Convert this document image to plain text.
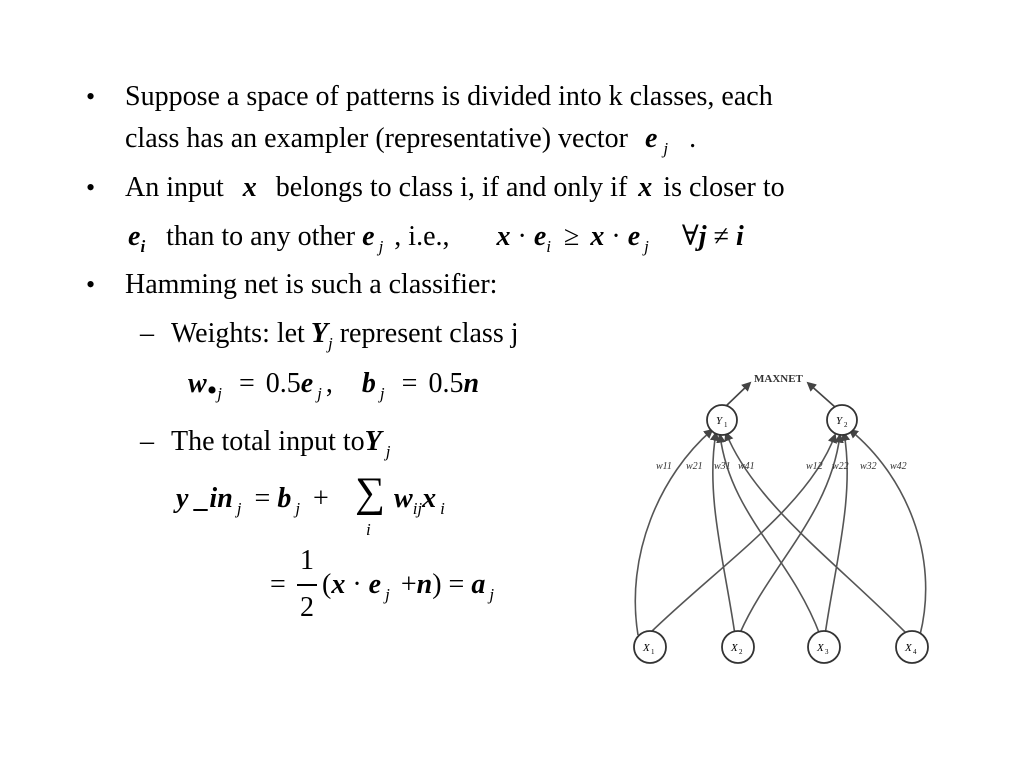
• Suppose a space of patterns is divided into k classes, each
class has an exampler (representative) vector e $_j$ .
• An input x belongs to class i, if and only if x is closer to
$e_i$ than to any other e $_j$ , i.e., $x \cdot e_i \ge x \cdot e$ $_j$ ∀j ≠ i
• Hamming net is such a classifier:
– Weights: let $Y_j$ represent class j
$w•_j = 0.5e$ $_j$ , b $_j$ = 0.5n
– The total input toY $_j$
y _in $_j$ = b $_j$ + ∑
i
$w_{ij}x$ $_i$
=
1
2
(x · e $_j$ +n) = a $_j$
MAXNET
Y 1	Y 2
w11 w21 w31 w41	w12 w22 w32 w42
X 1	X 2	X 3	X 4
